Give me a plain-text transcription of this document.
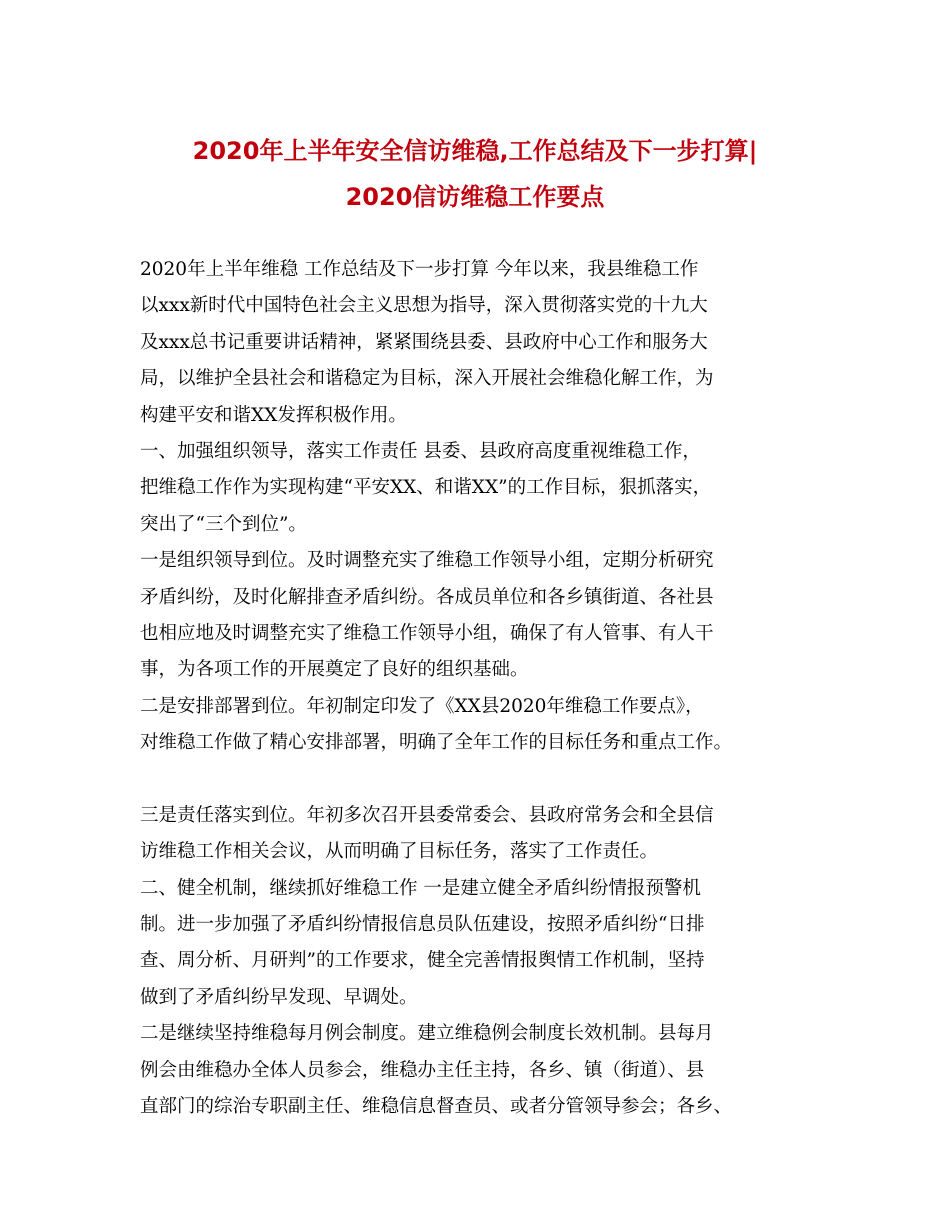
2020年上半年安全信访维稳,工作总结及下一步打算|
2020信访维稳工作要点
2020年上半年维稳 工作总结及下一步打算 今年以来，我县维稳工作
以xxx新时代中国特色社会主义思想为指导，深入贯彻落实党的十九大
及xxx总书记重要讲话精神，紧紧围绕县委、县政府中心工作和服务大
局，以维护全县社会和谐稳定为目标，深入开展社会维稳化解工作，为
构建平安和谐XX发挥积极作用。
一、加强组织领导，落实工作责任 县委、县政府高度重视维稳工作，
把维稳工作作为实现构建“平安XX、和谐XX”的工作目标，狠抓落实，
突出了“三个到位”。
一是组织领导到位。及时调整充实了维稳工作领导小组，定期分析研究
矛盾纠纷，及时化解排查矛盾纠纷。各成员单位和各乡镇街道、各社县
也相应地及时调整充实了维稳工作领导小组，确保了有人管事、有人干
事，为各项工作的开展奠定了良好的组织基础。
二是安排部署到位。年初制定印发了《XX县2020年维稳工作要点》，
对维稳工作做了精心安排部署，明确了全年工作的目标任务和重点工作。
三是责任落实到位。年初多次召开县委常委会、县政府常务会和全县信
访维稳工作相关会议，从而明确了目标任务，落实了工作责任。
二、健全机制，继续抓好维稳工作 一是建立健全矛盾纠纷情报预警机
制。进一步加强了矛盾纠纷情报信息员队伍建设，按照矛盾纠纷“日排
查、周分析、月研判”的工作要求，健全完善情报舆情工作机制，坚持
做到了矛盾纠纷早发现、早调处。
二是继续坚持维稳每月例会制度。建立维稳例会制度长效机制。县每月
例会由维稳办全体人员参会，维稳办主任主持，各乡、镇（街道）、县
直部门的综治专职副主任、维稳信息督查员、或者分管领导参会；各乡、
